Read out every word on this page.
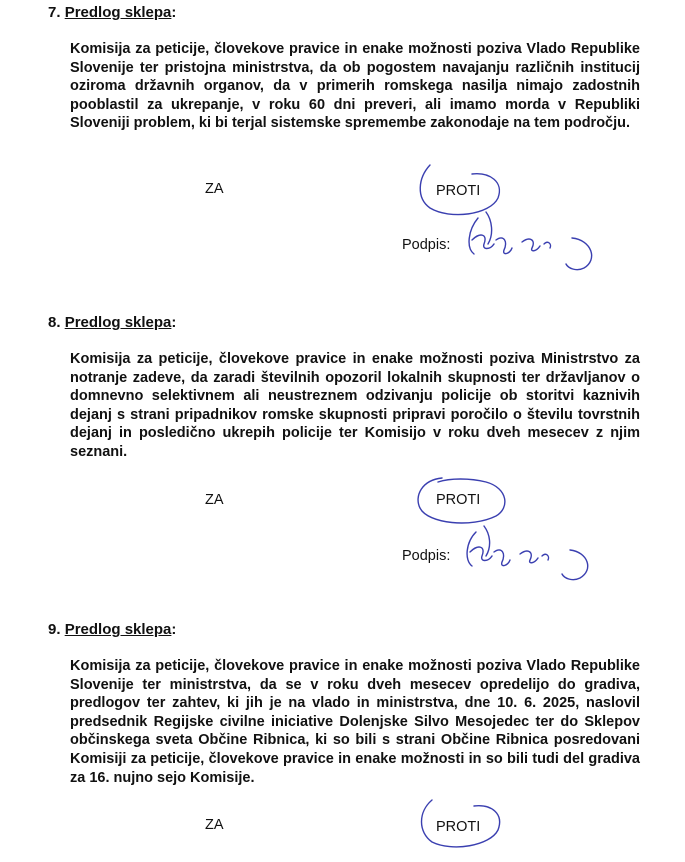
7. Predlog sklepa:

Komisija za peticije, človekove pravice in enake možnosti poziva Vlado Republike Slovenije ter pristojna ministrstva, da ob pogostem navajanju različnih institucij oziroma državnih organov, da v primerih romskega nasilja nimajo zadostnih pooblastil za ukrepanje, v roku 60 dni preveri, ali imamo morda v Republiki Sloveniji problem, ki bi terjal sistemske spremembe zakonodaje na tem področju.

ZA	PROTI
Podpis:
8. Predlog sklepa:

Komisija za peticije, človekove pravice in enake možnosti poziva Ministrstvo za notranje zadeve, da zaradi številnih opozoril lokalnih skupnosti ter državljanov o domnevno selektivnem ali neustreznem odzivanju policije ob storitvi kaznivih dejanj s strani pripadnikov romske skupnosti pripravi poročilo o številu tovrstnih dejanj in posledično ukrepih policije ter Komisijo v roku dveh mesecev z njim seznani.

ZA	PROTI
Podpis:
9. Predlog sklepa:

Komisija za peticije, človekove pravice in enake možnosti poziva Vlado Republike Slovenije ter ministrstva, da se v roku dveh mesecev opredelijo do gradiva, predlogov ter zahtev, ki jih je na vlado in ministrstva, dne 10. 6. 2025, naslovil predsednik Regijske civilne iniciative Dolenjske Silvo Mesojedec ter do Sklepov občinskega sveta Občine Ribnica, ki so bili s strani Občine Ribnica posredovani Komisiji za peticije, človekove pravice in enake možnosti in so bili tudi del gradiva za 16. nujno sejo Komisije.

ZA	PROTI
